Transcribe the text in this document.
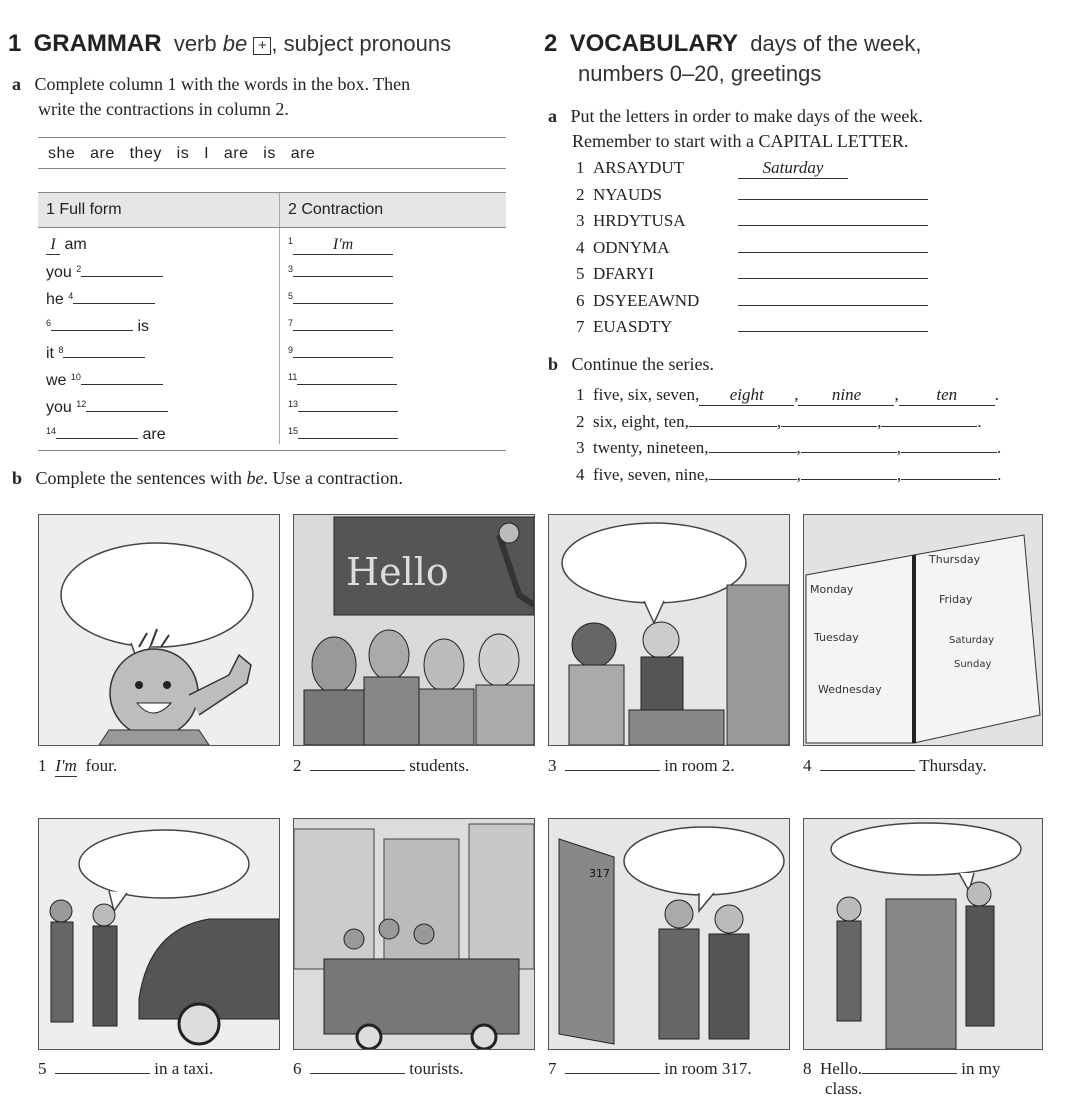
1 GRAMMAR verb be + , subject pronouns
a Complete column 1 with the words in the box. Then
write the contractions in column 2.
she   are   they   is   I   are   is   are
1 Full form	2 Contraction
I am	$^1$ I'm
you $^2$	$^3$
he $^4$	$^5$
$^6$ is	$^7$
it $^8$	$^9$
we $^{10}$	$^{11}$
you $^{12}$	$^{13}$
$^{14}$ are	$^{15}$
b Complete the sentences with be. Use a contraction.
2 VOCABULARY days of the week,
numbers 0–20, greetings
a Put the letters in order to make days of the week.
Remember to start with a CAPITAL LETTER.
1 ARSAYDUT	Saturday
2 NYAUDS
3 HRDYTUSA
4 ODNYMA
5 DFARYI
6 DSYEEAWND
7 EUASDTY
b Continue the series.
1 five, six, seven, eight , nine , ten .
2 six, eight, ten,	,	,	.
3 twenty, nineteen,	,	,	.
4 five, seven, nine,	,	,	.
Hello	Monday
Tuesday
Wednesday
Thursday
Friday
Saturday
Sunday
317
1 I'm  four.	2	students.	3	in room 2.	4	Thursday.
5	in a taxi.	6	tourists.	7	in room 317.	8 Hello.	in my
class.
